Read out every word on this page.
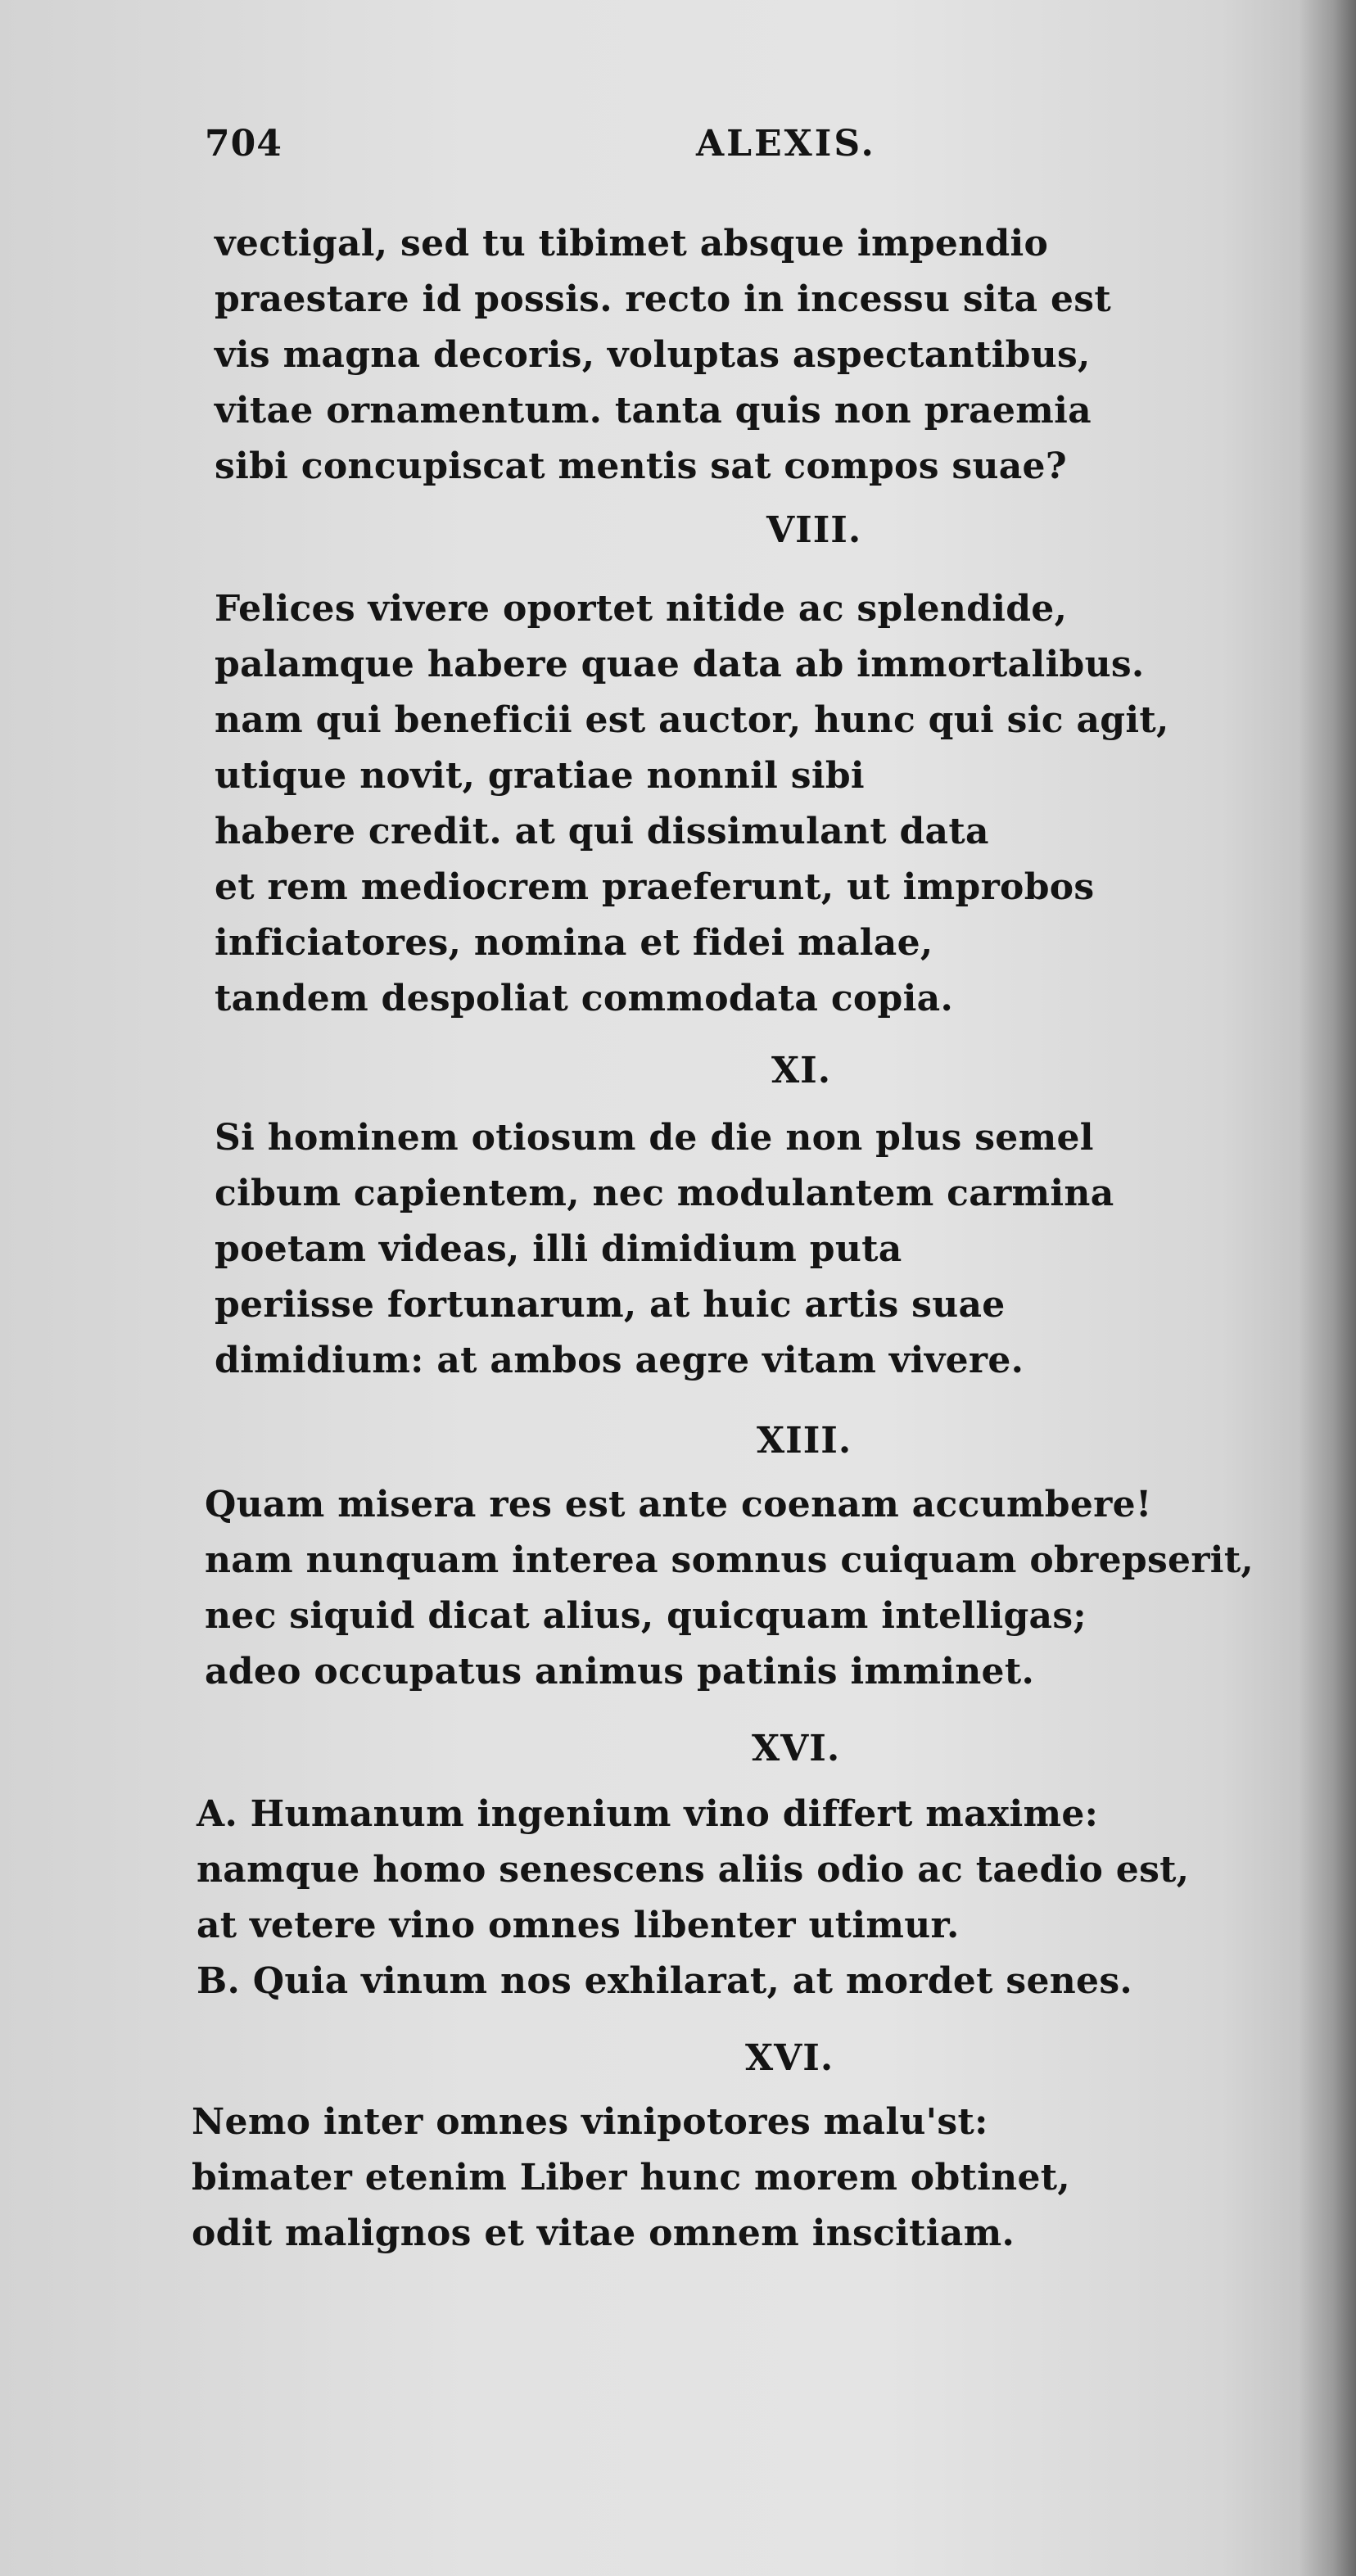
704	ALEXIS.
vectigal, sed tu tibimet absque impendio
praestare id possis. recto in incessu sita est
vis magna decoris, voluptas aspectantibus,
vitae ornamentum. tanta quis non praemia
sibi concupiscat mentis sat compos suae?
VIII.
Felices vivere oportet nitide ac splendide,
palamque habere quae data ab immortalibus.
nam qui beneficii est auctor, hunc qui sic agit,
utique novit, gratiae nonnil sibi
habere credit. at qui dissimulant data
et rem mediocrem praeferunt, ut improbos
inficiatores, nomina et fidei malae,
tandem despoliat commodata copia.
XI.
Si hominem otiosum de die non plus semel
cibum capientem, nec modulantem carmina
poetam videas, illi dimidium puta
periisse fortunarum, at huic artis suae
dimidium: at ambos aegre vitam vivere.
XIII.
Quam misera res est ante coenam accumbere!
nam nunquam interea somnus cuiquam obrepserit,
nec siquid dicat alius, quicquam intelligas;
adeo occupatus animus patinis imminet.
XVI.
A. Humanum ingenium vino differt maxime:
namque homo senescens aliis odio ac taedio est,
at vetere vino omnes libenter utimur.
B. Quia vinum nos exhilarat, at mordet senes.
XVI.
Nemo inter omnes vinipotores malu'st:
bimater etenim Liber hunc morem obtinet,
odit malignos et vitae omnem inscitiam.
